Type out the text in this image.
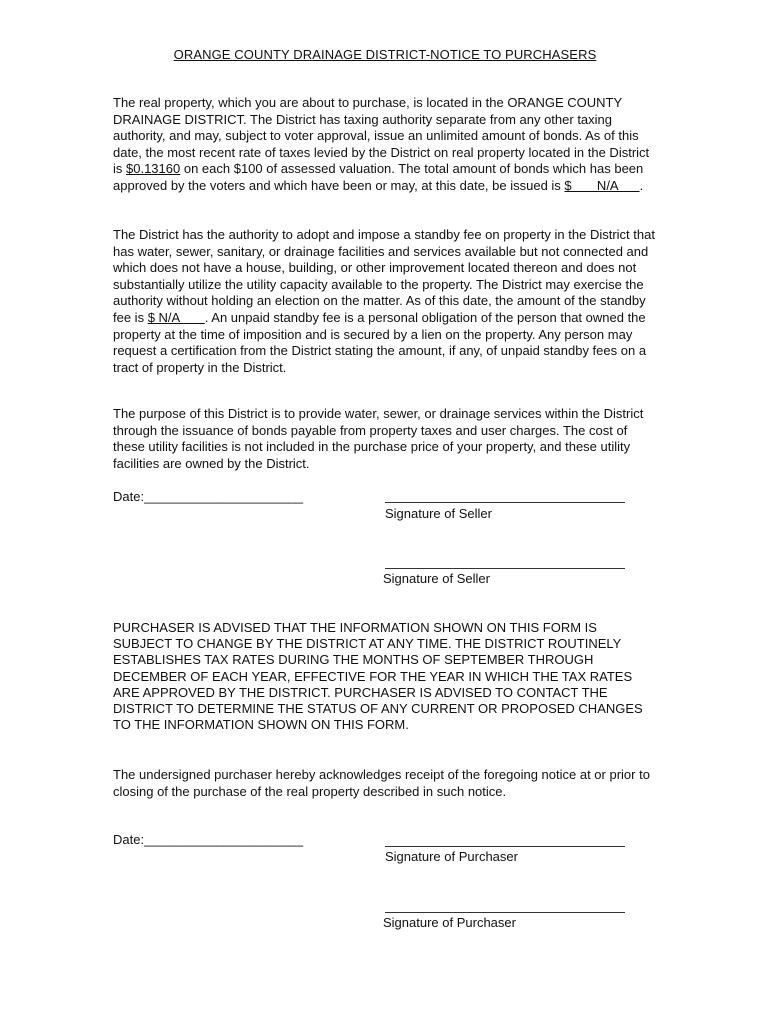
ORANGE COUNTY DRAINAGE DISTRICT-NOTICE TO PURCHASERS

The real property, which you are about to purchase, is located in the ORANGE COUNTY DRAINAGE DISTRICT. The District has taxing authority separate from any other taxing authority, and may, subject to voter approval, issue an unlimited amount of bonds. As of this date, the most recent rate of taxes levied by the District on real property located in the District is $0.13160 on each $100 of assessed valuation. The total amount of bonds which has been approved by the voters and which have been or may, at this date, be issued is $       N/A      .

The District has the authority to adopt and impose a standby fee on property in the District that has water, sewer, sanitary, or drainage facilities and services available but not connected and which does not have a house, building, or other improvement located thereon and does not substantially utilize the utility capacity available to the property. The District may exercise the authority without holding an election on the matter. As of this date, the amount of the standby fee is $ N/A       . An unpaid standby fee is a personal obligation of the person that owned the property at the time of imposition and is secured by a lien on the property. Any person may request a certification from the District stating the amount, if any, of unpaid standby fees on a tract of property in the District.

The purpose of this District is to provide water, sewer, or drainage services within the District through the issuance of bonds payable from property taxes and user charges. The cost of these utility facilities is not included in the purchase price of your property, and these utility facilities are owned by the District.

Date:______________________
Signature of Seller
Signature of Seller

PURCHASER IS ADVISED THAT THE INFORMATION SHOWN ON THIS FORM IS SUBJECT TO CHANGE BY THE DISTRICT AT ANY TIME. THE DISTRICT ROUTINELY ESTABLISHES TAX RATES DURING THE MONTHS OF SEPTEMBER THROUGH DECEMBER OF EACH YEAR, EFFECTIVE FOR THE YEAR IN WHICH THE TAX RATES ARE APPROVED BY THE DISTRICT. PURCHASER IS ADVISED TO CONTACT THE DISTRICT TO DETERMINE THE STATUS OF ANY CURRENT OR PROPOSED CHANGES TO THE INFORMATION SHOWN ON THIS FORM.

The undersigned purchaser hereby acknowledges receipt of the foregoing notice at or prior to closing of the purchase of the real property described in such notice.

Date:______________________
Signature of Purchaser
Signature of Purchaser
